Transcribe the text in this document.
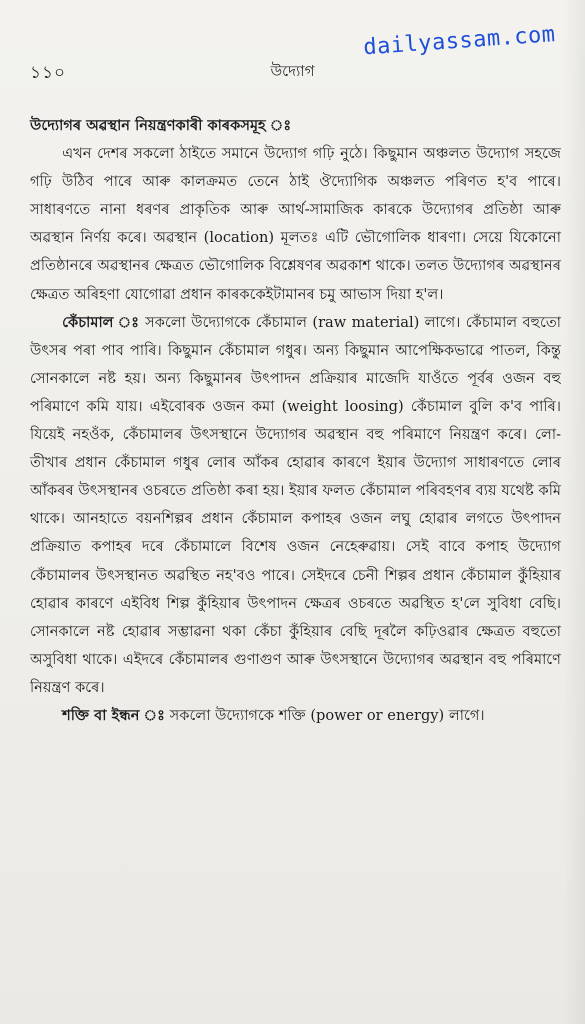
dailyassam.com
১১০	উদ্যোগ

উদ্যোগৰ অৱস্থান নিয়ন্ত্ৰণকাৰী কাৰকসমূহ ঃ

এখন দেশৰ সকলো ঠাইতে সমানে উদ্যোগ গঢ়ি নুঠে। কিছুমান অঞ্চলত উদ্যোগ সহজে গঢ়ি উঠিব পাৰে আৰু কালক্ৰমত তেনে ঠাই ঔদ্যোগিক অঞ্চলত পৰিণত হ'ব পাৰে। সাধাৰণতে নানা ধৰণৰ প্ৰাকৃতিক আৰু আৰ্থ-সামাজিক কাৰকে উদ্যোগৰ প্ৰতিষ্ঠা আৰু অৱস্থান নিৰ্ণয় কৰে। অৱস্থান (location) মূলতঃ এটি ভৌগোলিক ধাৰণা। সেয়ে যিকোনো প্ৰতিষ্ঠানৰে অৱস্থানৰ ক্ষেত্ৰত ভৌগোলিক বিশ্লেষণৰ অৱকাশ থাকে। তলত উদ্যোগৰ অৱস্থানৰ ক্ষেত্ৰত অৰিহণা যোগোৱা প্ৰধান কাৰককেইটামানৰ চমু আভাস দিয়া হ'ল।

কেঁচামাল ঃ সকলো উদ্যোগকে কেঁচামাল (raw material) লাগে। কেঁচামাল বহুতো উৎসৰ পৰা পাব পাৰি। কিছুমান কেঁচামাল গধুৰ। অন্য কিছুমান আপেক্ষিকভাৱে পাতল, কিন্তু সোনকালে নষ্ট হয়। অন্য কিছুমানৰ উৎপাদন প্ৰক্ৰিয়াৰ মাজেদি যাওঁতে পূৰ্বৰ ওজন বহু পৰিমাণে কমি যায়। এইবোৰক ওজন কমা (weight loosing) কেঁচামাল বুলি ক'ব পাৰি। যিয়েই নহওঁক, কেঁচামালৰ উৎসস্থানে উদ্যোগৰ অৱস্থান বহু পৰিমাণে নিয়ন্ত্ৰণ কৰে। লো-তীখাৰ প্ৰধান কেঁচামাল গধুৰ লোৰ আঁকৰ হোৱাৰ কাৰণে ইয়াৰ উদ্যোগ সাধাৰণতে লোৰ আঁকৰৰ উৎসস্থানৰ ওচৰতে প্ৰতিষ্ঠা কৰা হয়। ইয়াৰ ফলত কেঁচামাল পৰিবহণৰ ব্যয় যথেষ্ট কমি থাকে। আনহাতে বয়নশিল্পৰ প্ৰধান কেঁচামাল কপাহৰ ওজন লঘু হোৱাৰ লগতে উৎপাদন প্ৰক্ৰিয়াত কপাহৰ দৰে কেঁচামালে বিশেষ ওজন নেহেৰুৱায়। সেই বাবে কপাহ উদ্যোগ কেঁচামালৰ উৎসস্থানত অৱস্থিত নহ'বও পাৰে। সেইদৰে চেনী শিল্পৰ প্ৰধান কেঁচামাল কুঁহিয়াৰ হোৱাৰ কাৰণে এইবিধ শিল্প কুঁহিয়াৰ উৎপাদন ক্ষেত্ৰৰ ওচৰতে অৱস্থিত হ'লে সুবিধা বেছি। সোনকালে নষ্ট হোৱাৰ সম্ভাৱনা থকা কেঁচা কুঁহিয়াৰ বেছি দূৰলৈ কঢ়িওৱাৰ ক্ষেত্ৰত বহুতো অসুবিধা থাকে। এইদৰে কেঁচামালৰ গুণাগুণ আৰু উৎসস্থানে উদ্যোগৰ অৱস্থান বহু পৰিমাণে নিয়ন্ত্ৰণ কৰে।

শক্তি বা ইন্ধন ঃ সকলো উদ্যোগকে শক্তি (power or energy) লাগে।
